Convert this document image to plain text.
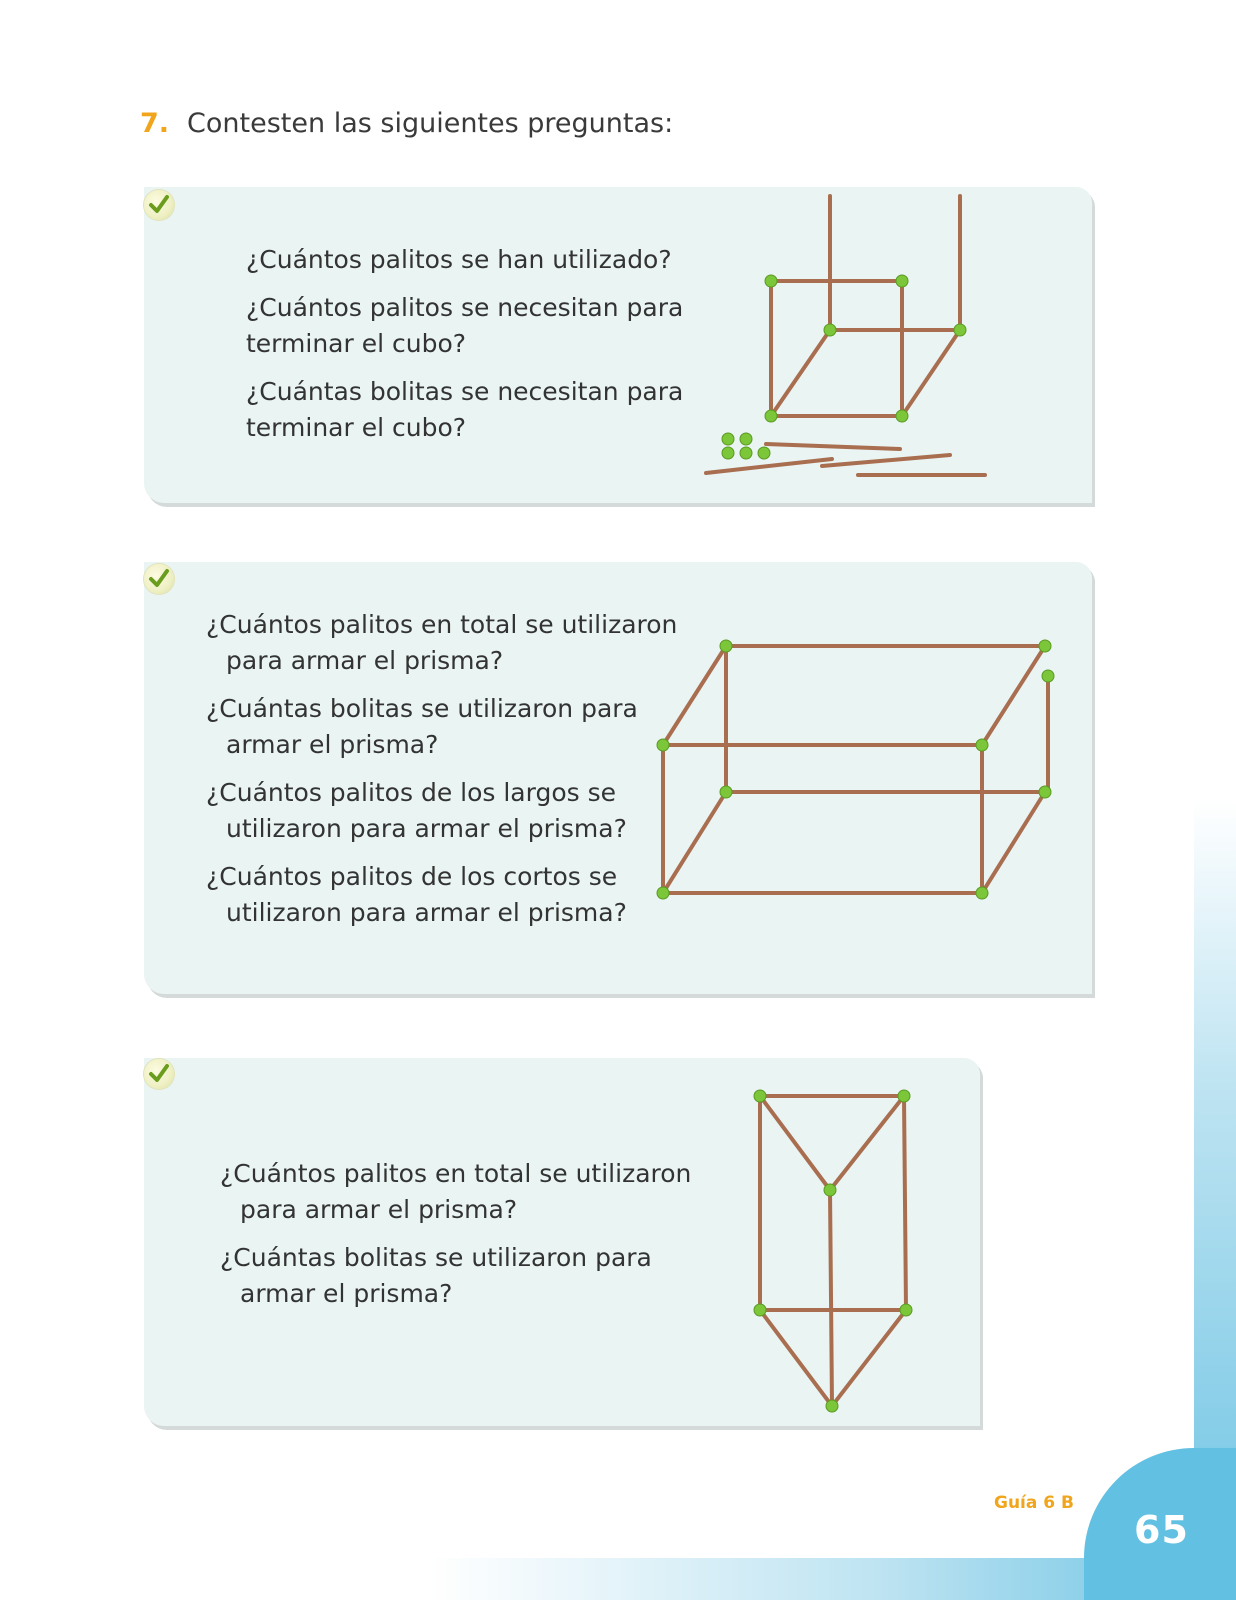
7. Contesten las siguientes preguntas:

¿Cuántos palitos se han utilizado?

¿Cuántos palitos se necesitan para

terminar el cubo?

¿Cuántas bolitas se necesitan para

terminar el cubo?

¿Cuántos palitos en total se utilizaron

para armar el prisma?

¿Cuántas bolitas se utilizaron para

armar el prisma?

¿Cuántos palitos de los largos se

utilizaron para armar el prisma?

¿Cuántos palitos de los cortos se

utilizaron para armar el prisma?

¿Cuántos palitos en total se utilizaron

para armar el prisma?

¿Cuántas bolitas se utilizaron para

armar el prisma?

Guía 6 B
65
